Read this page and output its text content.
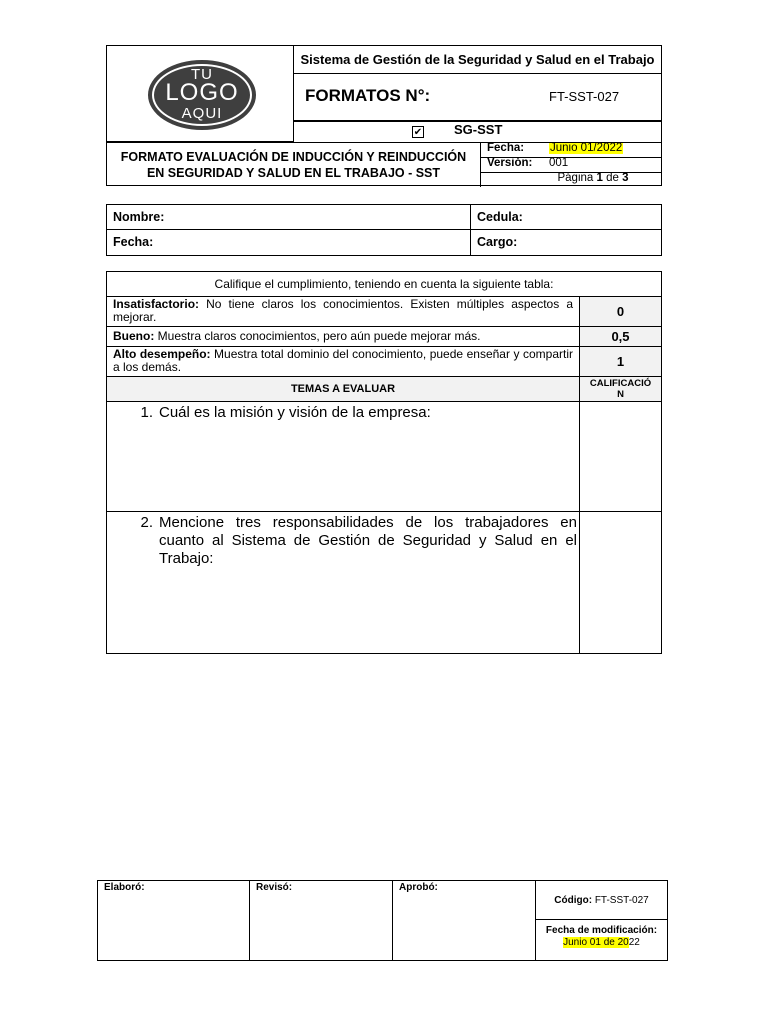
TU
LOGO
AQUI
Sistema de Gestión de la Seguridad y Salud en el Trabajo
FORMATOS N°:	FT-SST-027
✔ SG-SST
FORMATO EVALUACIÓN DE INDUCCIÓN Y REINDUCCIÓN
EN SEGURIDAD Y SALUD EN EL TRABAJO - SST
Fecha: Junio 01/2022
Versión: 001
Página 1 de 3
Nombre:	Cedula:
Fecha:	Cargo:
Califique el cumplimiento, teniendo en cuenta la siguiente tabla:
Insatisfactorio: No tiene claros los conocimientos. Existen múltiples aspectos a mejorar.	0
Bueno: Muestra claros conocimientos, pero aún puede mejorar más.	0,5
Alto desempeño: Muestra total dominio del conocimiento, puede enseñar y compartir a los demás.	1
TEMAS A EVALUAR	CALIFICACIÓ
N
1. Cuál es la misión y visión de la empresa:
2. Mencione tres responsabilidades de los trabajadores en cuanto al Sistema de Gestión de Seguridad y Salud en el Trabajo:
Elaboró:	Revisó:	Aprobó:
Código: FT-SST-027
Fecha de modificación:
Junio 01 de 2022
